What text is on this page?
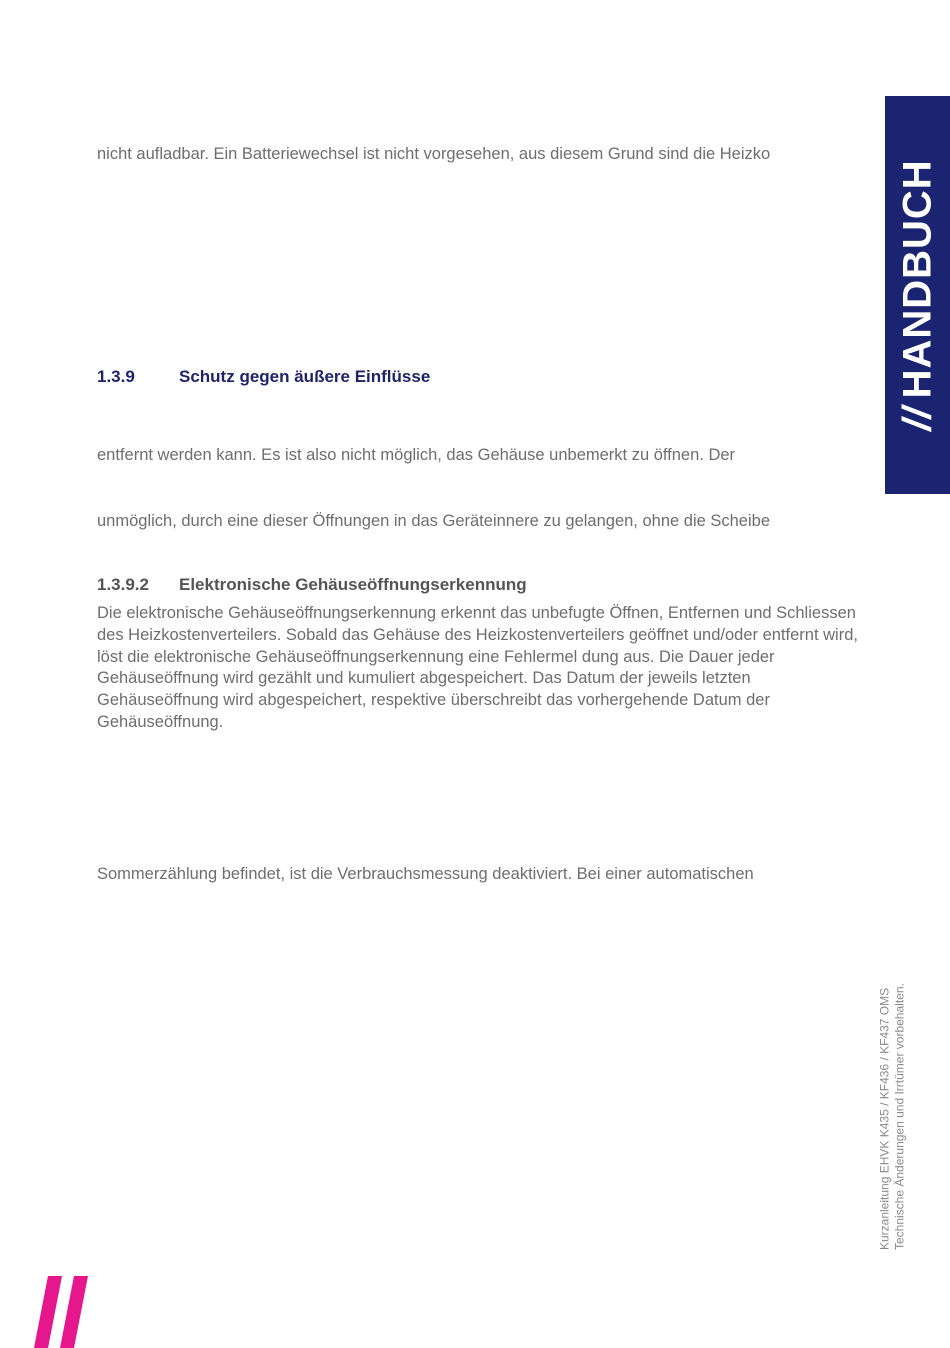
nicht aufladbar. Ein Batteriewechsel ist nicht vorgesehen, aus diesem Grund sind die Heizko
1.3.9	Schutz gegen äußere Einflüsse
entfernt werden kann. Es ist also nicht möglich, das Gehäuse unbemerkt zu öffnen. Der
unmöglich, durch eine dieser Öffnungen in das Geräteinnere zu gelangen, ohne die Scheibe
1.3.9.2 Elektronische Gehäuseöffnungserkennung
Die elektronische Gehäuseöffnungserkennung erkennt das unbefugte Öffnen, Entfernen und Schliessen des Heizkostenverteilers. Sobald das Gehäuse des Heizkostenverteilers geöffnet und/oder entfernt wird, löst die elektronische Gehäuseöffnungserkennung eine Fehlermel dung aus. Die Dauer jeder Gehäuseöffnung wird gezählt und kumuliert abgespeichert. Das Datum der jeweils letzten Gehäuseöffnung wird abgespeichert, respektive überschreibt das vorhergehende Datum der Gehäuseöffnung.
Sommerzählung befindet, ist die Verbrauchsmessung deaktiviert. Bei einer automatischen
//HANDBUCH
Kurzanleitung EHVK K435 / KF436 / KF437 OMS Technische Änderungen und Irrtümer vorbehalten.
